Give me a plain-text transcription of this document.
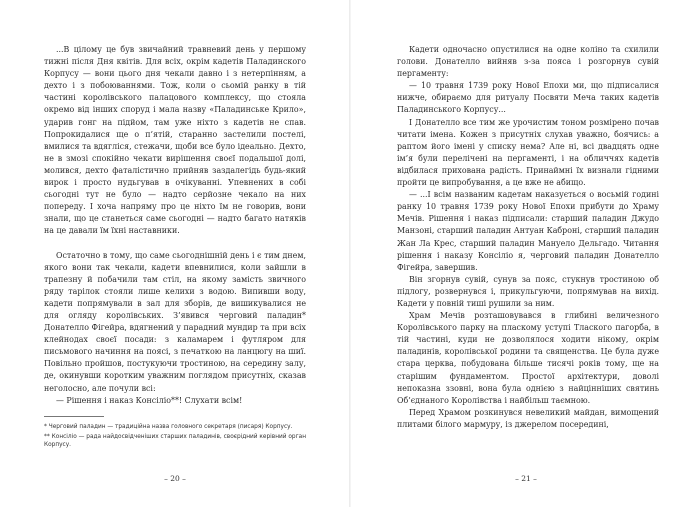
...В цілому це був звичайний травневий день у першому тижні після Дня квітів. Для всіх, окрім кадетів Паладинского Корпусу — вони цього дня чекали давно і з нетерпінням, а дехто і з побоюваннями. Тож, коли о сьомій ранку в тій частині королівського палацового комплексу, що стояла окремо від інших споруд і мала назву «Паладинське Крило», ударив гонг на підйом, там уже ніхто з кадетів не спав. Попрокидалися ще о п’ятій, старанно застелили постелі, вмилися та вдягліся, стежачи, щоби все було ідеально. Дехто, не в змозі спокійно чекати вирішення своєї подальшої долі, молився, дехто фаталістично прийняв заздалегідь будь-який вирок і просто нудьгував в очікуванні. Упевнених в собі сьогодні тут не було — надто серйозне чекало на них попереду. І хоча напряму про це ніхто їм не говорив, вони знали, що це станеться саме сьогодні — надто багато натяків на це давали їм їхні наставники.

Остаточно в тому, що саме сьогоднішній день і є тим днем, якого вони так чекали, кадети впевнилися, коли зайшли в трапезну й побачили там стіл, на якому замість звичного ряду тарілок стояли лише келихи з водою. Випивши воду, кадети попрямували в зал для зборів, де вишикувалися не для огляду королівських. З’явився черговий паладин* Донателло Фігейра, вдягнений у парадний мундир та при всіх клейнодах своєї посади: з каламарем і футляром для письмового начиння на поясі, з печаткою на ланцюгу на шиї. Повільно пройшов, постукуючи тростиною, на середину залу, де, окинувши коротким уважним поглядом присутніх, сказав неголосно, але почули всі:

— Рішення і наказ Консіліо**! Слухати всім!

* Черговий паладин — традиційна назва головного секретаря (писаря) Корпусу.

** Консіліо — рада найдосвідченіших старших паладинів, своєрідний керівний орган Корпусу.

– 20 –

Кадети одночасно опустилися на одне коліно та схилили голови. Донателло вийняв з-за пояса і розгорнув сувій пергаменту:

— 10 травня 1739 року Нової Епохи ми, що підписалися нижче, обираємо для ритуалу Посвяти Меча таких кадетів Паладинського Корпусу...

І Донателло все тим же урочистим тоном розмірено почав читати імена. Кожен з присутніх слухав уважно, боячись: а раптом його імені у списку нема? Але ні, всі двадцять одне ім’я були перелічені на пергаменті, і на обличчях кадетів відбилася прихована радість. Принаймні їх визнали гідними пройти це випробування, а це вже не абищо.

— ...І всім названим кадетам наказується о восьмій годині ранку 10 травня 1739 року Нової Епохи прибути до Храму Мечів. Рішення і наказ підписали: старший паладин Джудо Манзоні, старший паладин Антуан Каброні, старший паладин Жан Ла Крес, старший паладин Мануело Дельгадо. Читання рішення і наказу Консіліо я, черговий паладин Донателло Фігейра, завершив.

Він згорнув сувій, сунув за пояс, стукнув тростиною об підлогу, розвернувся і, прикульгуючи, попрямував на вихід. Кадети у повній тиші рушили за ним.

Храм Мечів розташовувався в глибині величезного Королівського парку на пласкому уступі Тлаского пагорба, в тій частині, куди не дозволялося ходити нікому, окрім паладинів, королівської родини та священства. Це була дуже стара церква, побудована більше тисячі років тому, ще на старішим фундаментом. Простої архітектури, доволі непоказна ззовні, вона була однією з найцінніших святинь Об’єднаного Королівства і найбільш таємною.

Перед Храмом розкинувся невеликий майдан, вимощений плитами білого мармуру, із джерелом посередині,

– 21 –
